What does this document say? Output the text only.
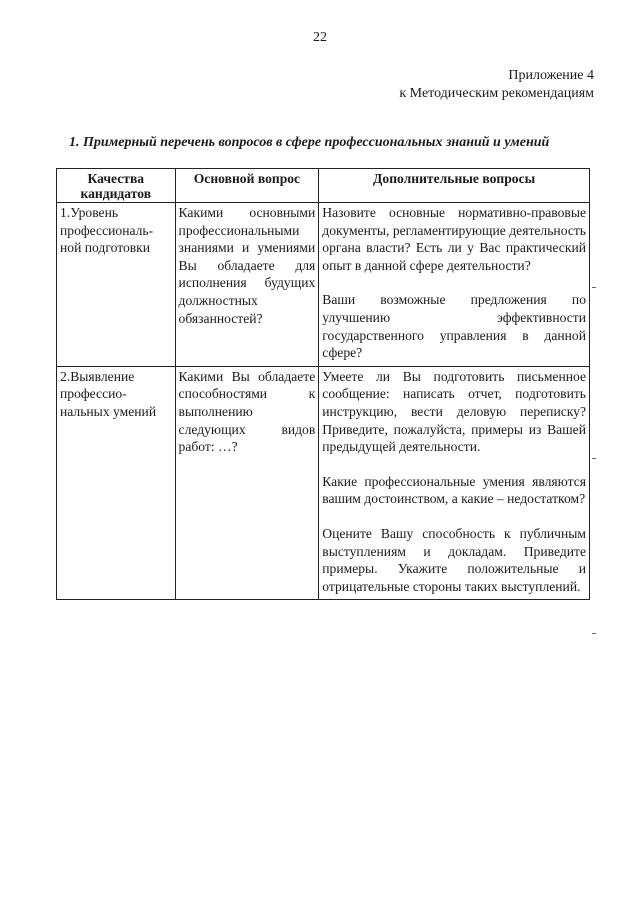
22
Приложение 4
к Методическим рекомендациям
1. Примерный перечень вопросов в сфере профессиональных знаний и умений
Качества кандидатов	Основной вопрос	Дополнительные вопросы
1.Уровень профессиональ-ной подготовки	Какими основными профессиональными знаниями и умениями Вы обладаете для исполнения будущих должностных обязанностей?	Назовите основные нормативно-правовые документы, регламентирующие деятельность органа власти? Есть ли у Вас практический опыт в данной сфере деятельности?

Ваши возможные предложения по улучшению эффективности государственного управления в данной сфере?

2.Выявление профессио-нальных умений	Какими Вы обладаете способностями к выполнению следующих видов работ: …?	Умеете ли Вы подготовить письменное сообщение: написать отчет, подготовить инструкцию, вести деловую переписку? Приведите, пожалуйста, примеры из Вашей предыдущей деятельности.

Какие профессиональные умения являются вашим достоинством, а какие – недостатком?

Оцените Вашу способность к публичным выступлениям и докладам. Приведите примеры. Укажите положительные и отрицательные стороны таких выступлений.
